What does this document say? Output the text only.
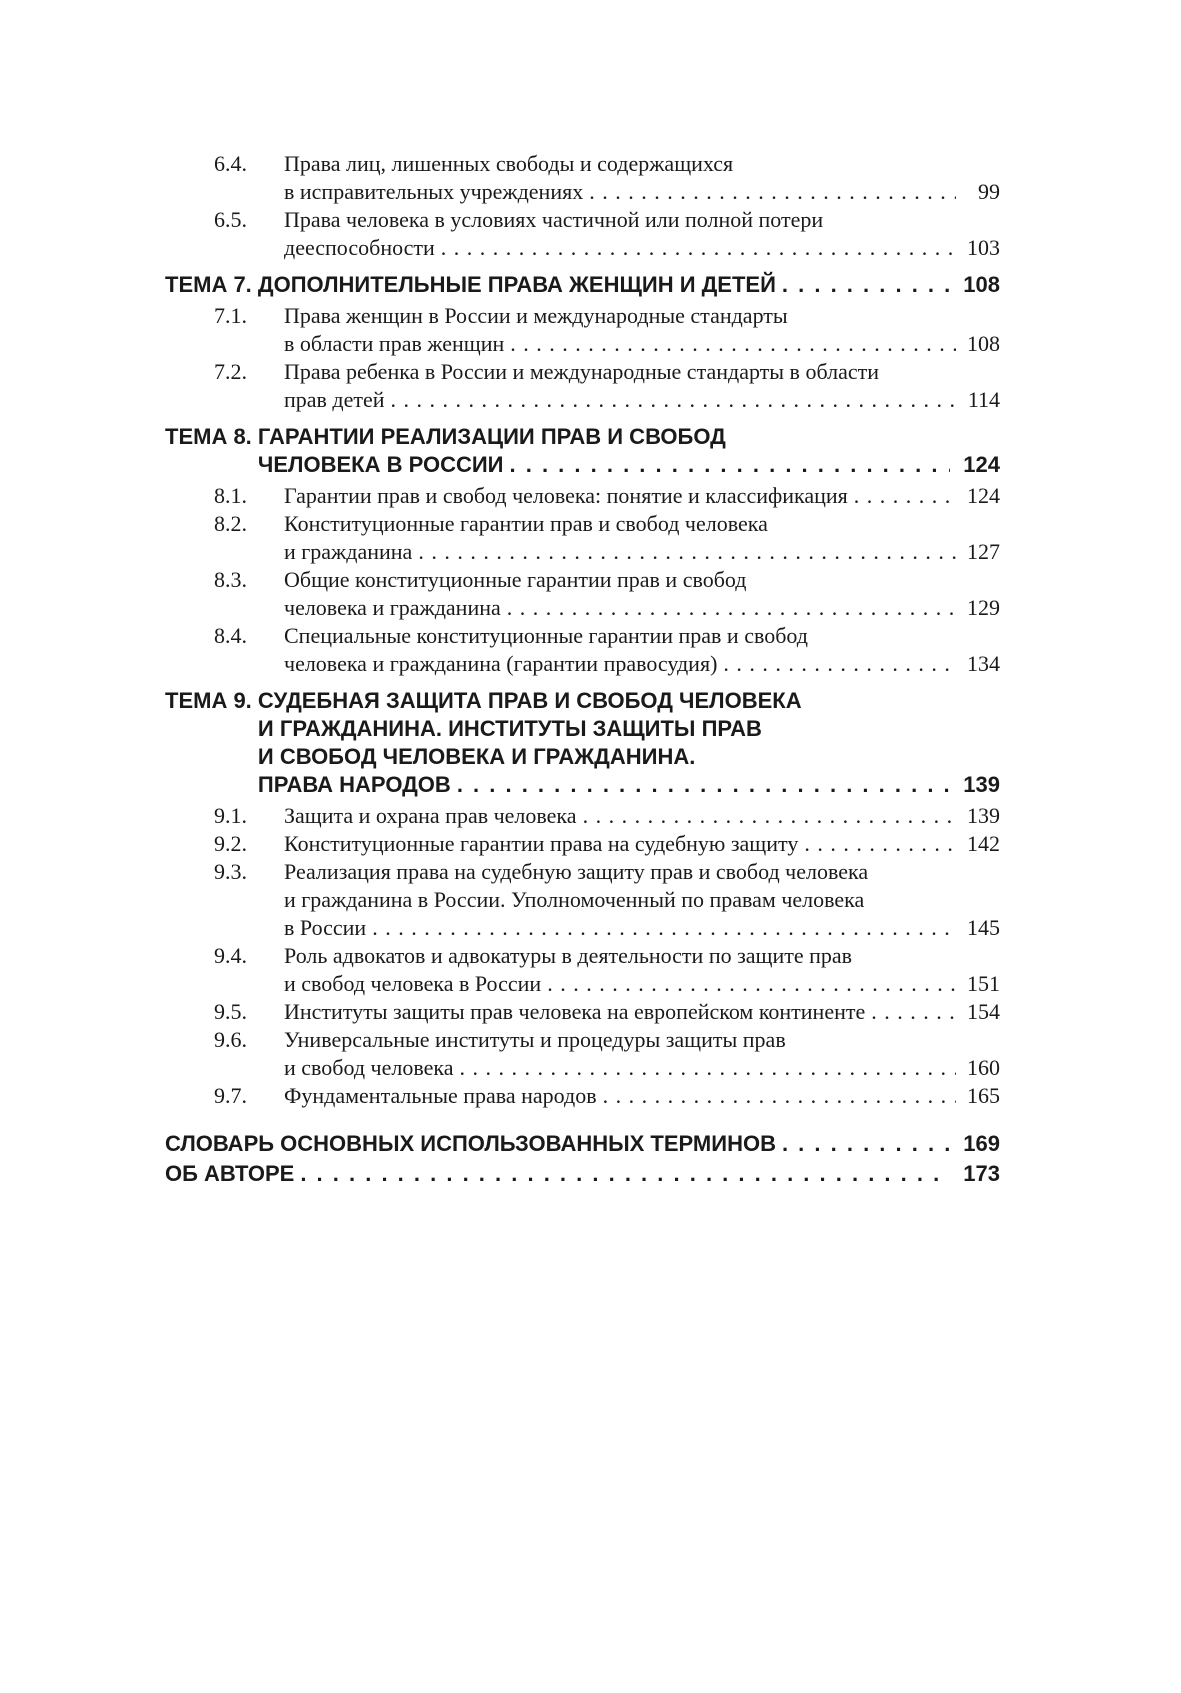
6.4.	Права лиц, лишенных свободы и содержащихся
в исправительных учреждениях . . .	99
6.5.	Права человека в условиях частичной или полной потери
дееспособности . . .	103
ТЕМА 7.
ДОПОЛНИТЕЛЬНЫЕ ПРАВА ЖЕНЩИН И ДЕТЕЙ . . .	108
7.1.	Права женщин в России и международные стандарты
в области прав женщин . . .	108
7.2.	Права ребенка в России и международные стандарты в области
прав детей . . .	114
ТЕМА 8.
ГАРАНТИИ РЕАЛИЗАЦИИ ПРАВ И СВОБОД
ЧЕЛОВЕКА В РОССИИ . . .	124
8.1.	Гарантии прав и свобод человека: понятие и классификация . . .	124
8.2.	Конституционные гарантии прав и свобод человека
и гражданина . . .	127
8.3.	Общие конституционные гарантии прав и свобод
человека и гражданина . . .	129
8.4.	Специальные конституционные гарантии прав и свобод
человека и гражданина (гарантии правосудия) . . .	134
ТЕМА 9.
СУДЕБНАЯ ЗАЩИТА ПРАВ И СВОБОД ЧЕЛОВЕКА
И ГРАЖДАНИНА. ИНСТИТУТЫ ЗАЩИТЫ ПРАВ
И СВОБОД ЧЕЛОВЕКА И ГРАЖДАНИНА.
ПРАВА НАРОДОВ . . .	139
9.1.	Защита и охрана прав человека . . .	139
9.2.	Конституционные гарантии права на судебную защиту . . .	142
9.3.	Реализация права на судебную защиту прав и свобод человека
и гражданина в России. Уполномоченный по правам человека
в России . . .	145
9.4.	Роль адвокатов и адвокатуры в деятельности по защите прав
и свобод человека в России . . .	151
9.5.	Институты защиты прав человека на европейском континенте . . .	154
9.6.	Универсальные институты и процедуры защиты прав
и свобод человека . . .	160
9.7.	Фундаментальные права народов . . .	165
СЛОВАРЬ ОСНОВНЫХ ИСПОЛЬЗОВАННЫХ ТЕРМИНОВ . . .	169
ОБ АВТОРЕ . . .	173
